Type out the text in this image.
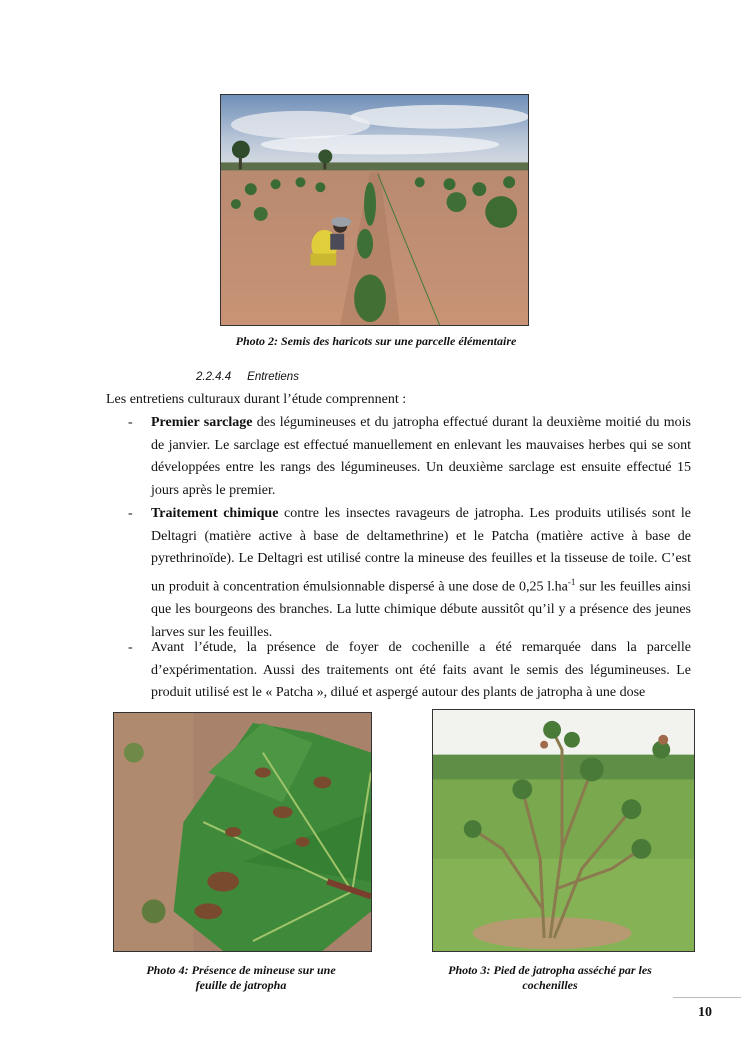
Photo 2: Semis des haricots sur une parcelle élémentaire
2.2.4.4 Entretiens
Les entretiens culturaux durant l’étude comprennent :
- Premier sarclage des légumineuses et du jatropha effectué durant la deuxième moitié du mois de janvier. Le sarclage est effectué manuellement en enlevant les mauvaises herbes qui se sont développées entre les rangs des légumineuses. Un deuxième sarclage est ensuite effectué 15 jours après le premier.
- Traitement chimique contre les insectes ravageurs de jatropha. Les produits utilisés sont le Deltagri (matière active à base de deltamethrine) et le Patcha (matière active à base de pyrethrinoïde). Le Deltagri est utilisé contre la mineuse des feuilles et la tisseuse de toile. C’est un produit à concentration émulsionnable dispersé à une dose de 0,25 $l.ha^{-1}$ sur les feuilles ainsi que les bourgeons des branches. La lutte chimique débute aussitôt qu’il y a présence des jeunes larves sur les feuilles.
- Avant l’étude, la présence de foyer de cochenille a été remarquée dans la parcelle d’expérimentation. Aussi des traitements ont été faits avant le semis des légumineuses. Le produit utilisé est le « Patcha », dilué et aspergé autour des plants de jatropha à une dose
Photo 4: Présence de mineuse sur une
feuille de jatropha
Photo 3: Pied de jatropha asséché par les
cochenilles
10
